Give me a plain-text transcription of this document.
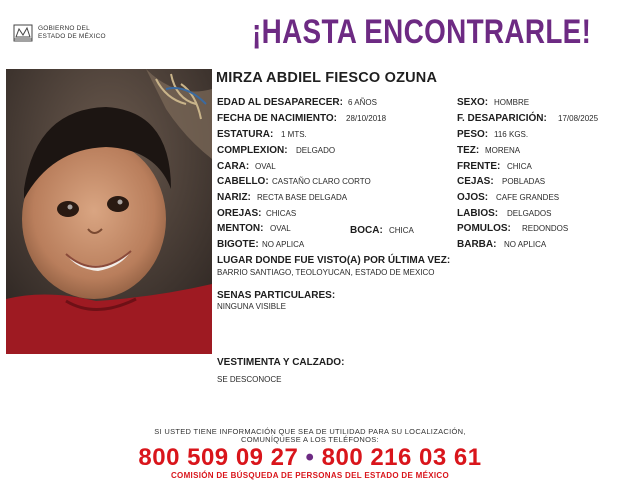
GOBIERNO DEL
ESTADO DE MÉXICO	¡HASTA ENCONTRARLE!
MIRZA ABDIEL FIESCO OZUNA
EDAD AL DESAPARECER: 6 AÑOS
FECHA DE NACIMIENTO: 28/10/2018
ESTATURA: 1 MTS.
COMPLEXION: DELGADO
CARA: OVAL
CABELLO: CASTAÑO CLARO CORTO
NARIZ: RECTA BASE DELGADA
OREJAS: CHICAS
MENTON: OVAL
BIGOTE: NO APLICA
BOCA: CHICA
SEXO: HOMBRE
F. DESAPARICIÓN: 17/08/2025
PESO: 116 KGS.
TEZ: MORENA
FRENTE: CHICA
CEJAS: POBLADAS
OJOS: CAFE GRANDES
LABIOS: DELGADOS
POMULOS: REDONDOS
BARBA: NO APLICA
LUGAR DONDE FUE VISTO(A) POR ÚLTIMA VEZ:
BARRIO SANTIAGO, TEOLOYUCAN, ESTADO DE MEXICO
SENAS PARTICULARES:
NINGUNA VISIBLE
VESTIMENTA Y CALZADO:
SE DESCONOCE
SI USTED TIENE INFORMACIÓN QUE SEA DE UTILIDAD PARA SU LOCALIZACIÓN,
COMUNÍQUESE A LOS TELÉFONOS:
800 509 09 27 • 800 216 03 61
COMISIÓN DE BÚSQUEDA DE PERSONAS DEL ESTADO DE MÉXICO
